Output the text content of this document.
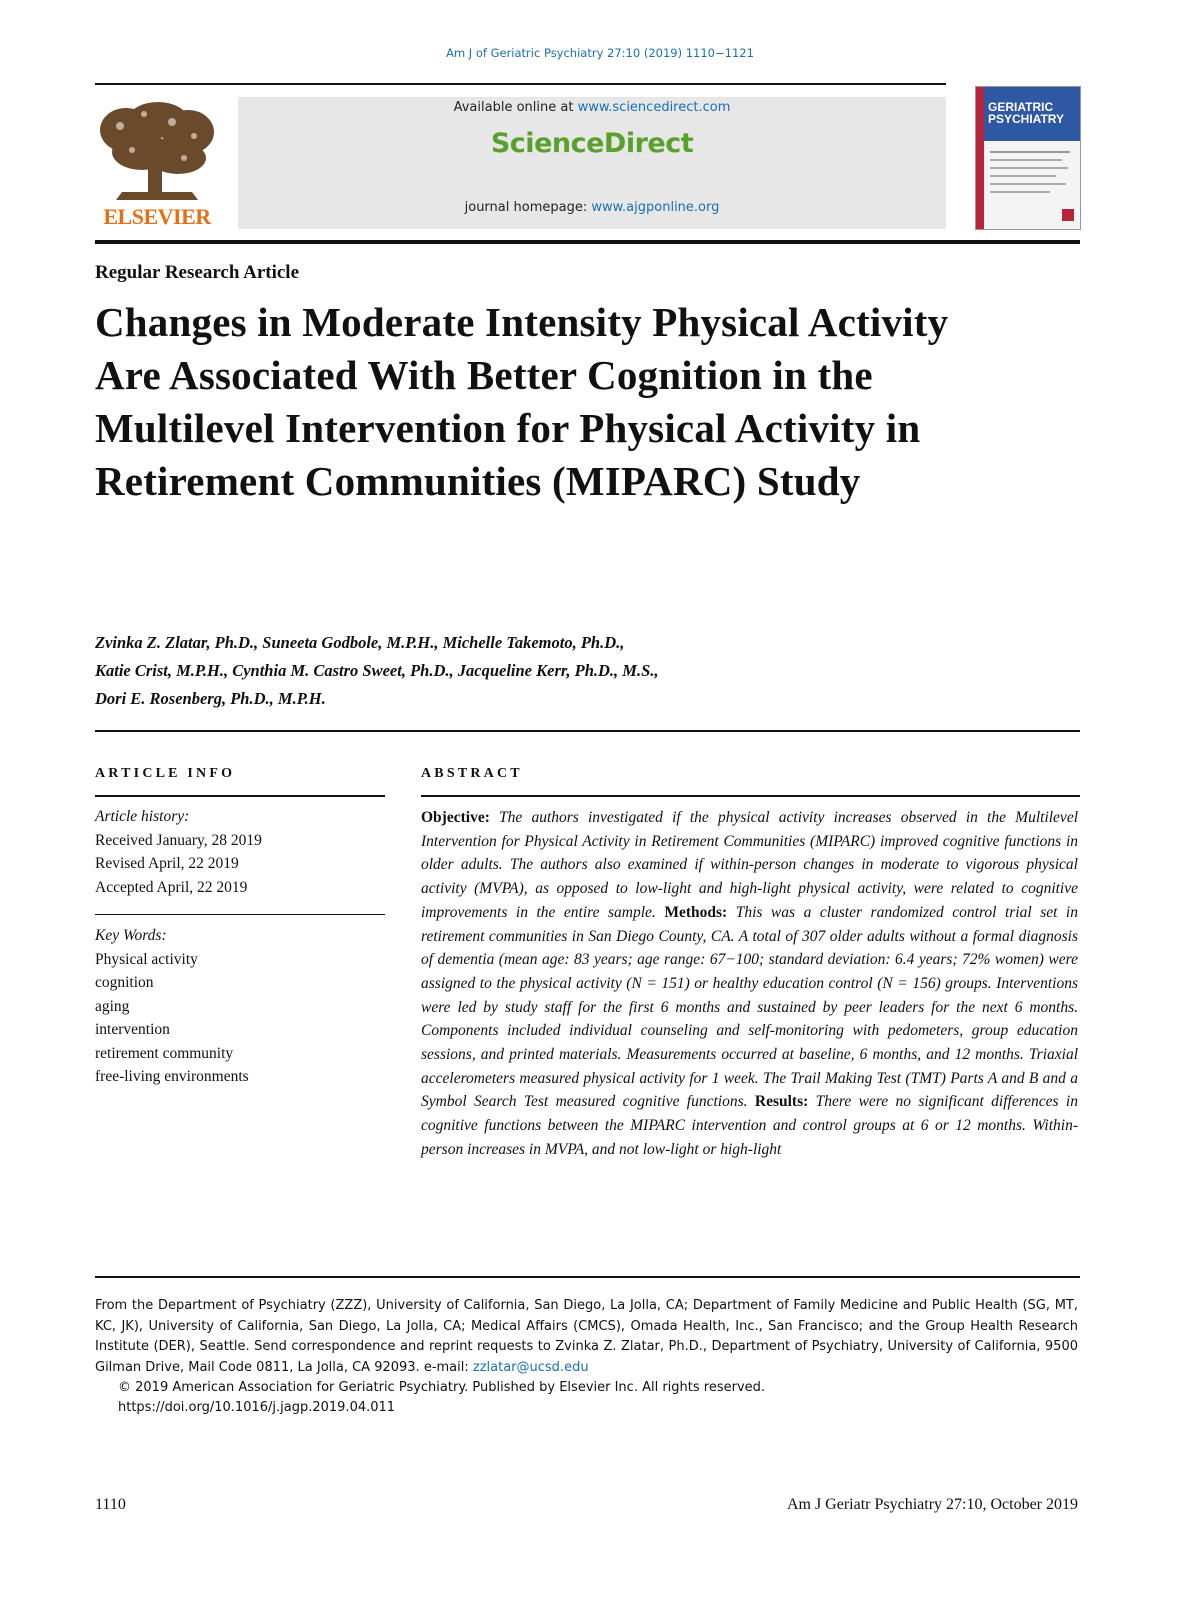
Am J of Geriatric Psychiatry 27:10 (2019) 1110−1121
ELSEVIER
Available online at www.sciencedirect.com
ScienceDirect
journal homepage: www.ajgponline.org
GERIATRIC
PSYCHIATRY
Regular Research Article
Changes in Moderate Intensity Physical Activity Are Associated With Better Cognition in the Multilevel Intervention for Physical Activity in Retirement Communities (MIPARC) Study
Zvinka Z. Zlatar, Ph.D., Suneeta Godbole, M.P.H., Michelle Takemoto, Ph.D.,
Katie Crist, M.P.H., Cynthia M. Castro Sweet, Ph.D., Jacqueline Kerr, Ph.D., M.S.,
Dori E. Rosenberg, Ph.D., M.P.H.
ARTICLE INFO
Article history:
Received January, 28 2019
Revised April, 22 2019
Accepted April, 22 2019
Key Words:
Physical activity
cognition
aging
intervention
retirement community
free-living environments
ABSTRACT
Objective: The authors investigated if the physical activity increases observed in the Multilevel Intervention for Physical Activity in Retirement Communities (MIPARC) improved cognitive functions in older adults. The authors also examined if within-person changes in moderate to vigorous physical activity (MVPA), as opposed to low-light and high-light physical activity, were related to cognitive improvements in the entire sample. Methods: This was a cluster randomized control trial set in retirement communities in San Diego County, CA. A total of 307 older adults without a formal diagnosis of dementia (mean age: 83 years; age range: 67−100; standard deviation: 6.4 years; 72% women) were assigned to the physical activity (N = 151) or healthy education control (N = 156) groups. Interventions were led by study staff for the first 6 months and sustained by peer leaders for the next 6 months. Components included individual counseling and self-monitoring with pedometers, group education sessions, and printed materials. Measurements occurred at baseline, 6 months, and 12 months. Triaxial accelerometers measured physical activity for 1 week. The Trail Making Test (TMT) Parts A and B and a Symbol Search Test measured cognitive functions. Results: There were no significant differences in cognitive functions between the MIPARC intervention and control groups at 6 or 12 months. Within-person increases in MVPA, and not low-light or high-light
From the Department of Psychiatry (ZZZ), University of California, San Diego, La Jolla, CA; Department of Family Medicine and Public Health (SG, MT, KC, JK), University of California, San Diego, La Jolla, CA; Medical Affairs (CMCS), Omada Health, Inc., San Francisco; and the Group Health Research Institute (DER), Seattle. Send correspondence and reprint requests to Zvinka Z. Zlatar, Ph.D., Department of Psychiatry, University of California, 9500 Gilman Drive, Mail Code 0811, La Jolla, CA 92093. e-mail: zzlatar@ucsd.edu
© 2019 American Association for Geriatric Psychiatry. Published by Elsevier Inc. All rights reserved.
https://doi.org/10.1016/j.jagp.2019.04.011
1110	Am J Geriatr Psychiatry 27:10, October 2019
